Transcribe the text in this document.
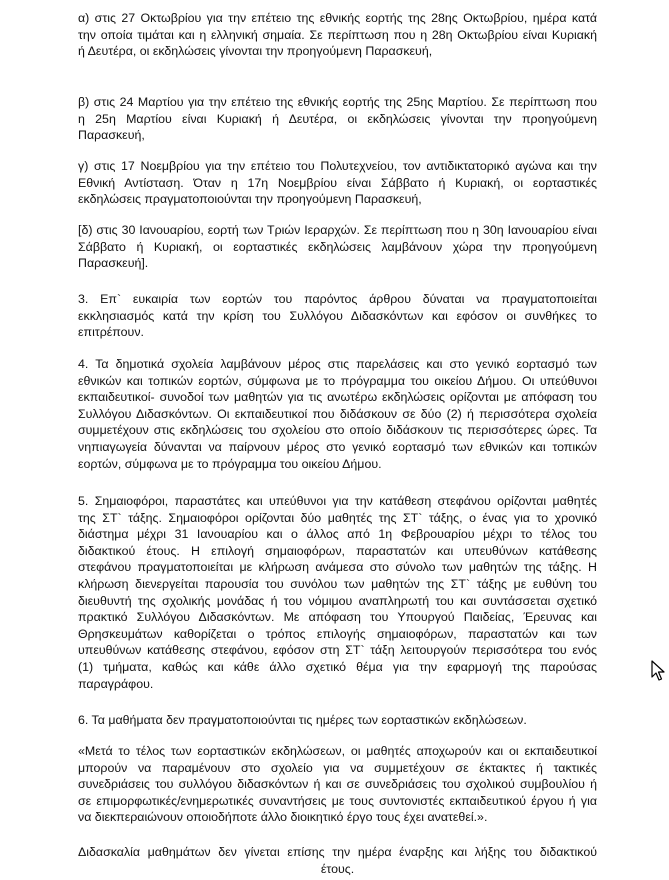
α) στις 27 Οκτωβρίου για την επέτειο της εθνικής εορτής της 28ης Οκτωβρίου, ημέρα κατά
την οποία τιμάται και η ελληνική σημαία. Σε περίπτωση που η 28η Οκτωβρίου είναι Κυριακή
ή Δευτέρα, οι εκδηλώσεις γίνονται την προηγούμενη Παρασκευή,
β) στις 24 Μαρτίου για την επέτειο της εθνικής εορτής της 25ης Μαρτίου. Σε περίπτωση που
η 25η Μαρτίου είναι Κυριακή ή Δευτέρα, οι εκδηλώσεις γίνονται την προηγούμενη
Παρασκευή,
γ) στις 17 Νοεμβρίου για την επέτειο του Πολυτεχνείου, τον αντιδικτατορικό αγώνα και την
Εθνική Αντίσταση. Όταν η 17η Νοεμβρίου είναι Σάββατο ή Κυριακή, οι εορταστικές
εκδηλώσεις πραγματοποιούνται την προηγούμενη Παρασκευή,
[δ) στις 30 Ιανουαρίου, εορτή των Τριών Ιεραρχών. Σε περίπτωση που η 30η Ιανουαρίου είναι
Σάββατο ή Κυριακή, οι εορταστικές εκδηλώσεις λαμβάνουν χώρα την προηγούμενη
Παρασκευή].
3. Επ` ευκαιρία των εορτών του παρόντος άρθρου δύναται να πραγματοποιείται
εκκλησιασμός κατά την κρίση του Συλλόγου Διδασκόντων και εφόσον οι συνθήκες το
επιτρέπουν.
4. Τα δημοτικά σχολεία λαμβάνουν μέρος στις παρελάσεις και στο γενικό εορτασμό των
εθνικών και τοπικών εορτών, σύμφωνα με το πρόγραμμα του οικείου Δήμου. Οι υπεύθυνοι
εκπαιδευτικοί- συνοδοί των μαθητών για τις ανωτέρω εκδηλώσεις ορίζονται με απόφαση του
Συλλόγου Διδασκόντων. Οι εκπαιδευτικοί που διδάσκουν σε δύο (2) ή περισσότερα σχολεία
συμμετέχουν στις εκδηλώσεις του σχολείου στο οποίο διδάσκουν τις περισσότερες ώρες. Τα
νηπιαγωγεία δύνανται να παίρνουν μέρος στο γενικό εορτασμό των εθνικών και τοπικών
εορτών, σύμφωνα με το πρόγραμμα του οικείου Δήμου.
5. Σημαιοφόροι, παραστάτες και υπεύθυνοι για την κατάθεση στεφάνου ορίζονται μαθητές
της ΣΤ` τάξης. Σημαιοφόροι ορίζονται δύο μαθητές της ΣΤ` τάξης, ο ένας για το χρονικό
διάστημα μέχρι 31 Ιανουαρίου και ο άλλος από 1η Φεβρουαρίου μέχρι το τέλος του
διδακτικού έτους. Η επιλογή σημαιοφόρων, παραστατών και υπευθύνων κατάθεσης
στεφάνου πραγματοποιείται με κλήρωση ανάμεσα στο σύνολο των μαθητών της τάξης. Η
κλήρωση διενεργείται παρουσία του συνόλου των μαθητών της ΣΤ` τάξης με ευθύνη του
διευθυντή της σχολικής μονάδας ή του νόμιμου αναπληρωτή του και συντάσσεται σχετικό
πρακτικό Συλλόγου Διδασκόντων. Με απόφαση του Υπουργού Παιδείας, Έρευνας και
Θρησκευμάτων καθορίζεται ο τρόπος επιλογής σημαιοφόρων, παραστατών και των
υπευθύνων κατάθεσης στεφάνου, εφόσον στη ΣΤ` τάξη λειτουργούν περισσότερα του ενός
(1) τμήματα, καθώς και κάθε άλλο σχετικό θέμα για την εφαρμογή της παρούσας
παραγράφου.
6. Τα μαθήματα δεν πραγματοποιούνται τις ημέρες των εορταστικών εκδηλώσεων.
«Μετά το τέλος των εορταστικών εκδηλώσεων, οι μαθητές αποχωρούν και οι εκπαιδευτικοί
μπορούν να παραμένουν στο σχολείο για να συμμετέχουν σε έκτακτες ή τακτικές
συνεδριάσεις του συλλόγου διδασκόντων ή και σε συνεδριάσεις του σχολικού συμβουλίου ή
σε επιμορφωτικές/ενημερωτικές συναντήσεις με τους συντονιστές εκπαιδευτικού έργου ή για
να διεκπεραιώνουν οποιοδήποτε άλλο διοικητικό έργο τους έχει ανατεθεί.».
Διδασκαλία μαθημάτων δεν γίνεται επίσης την ημέρα έναρξης και λήξης του διδακτικού
έτους.
